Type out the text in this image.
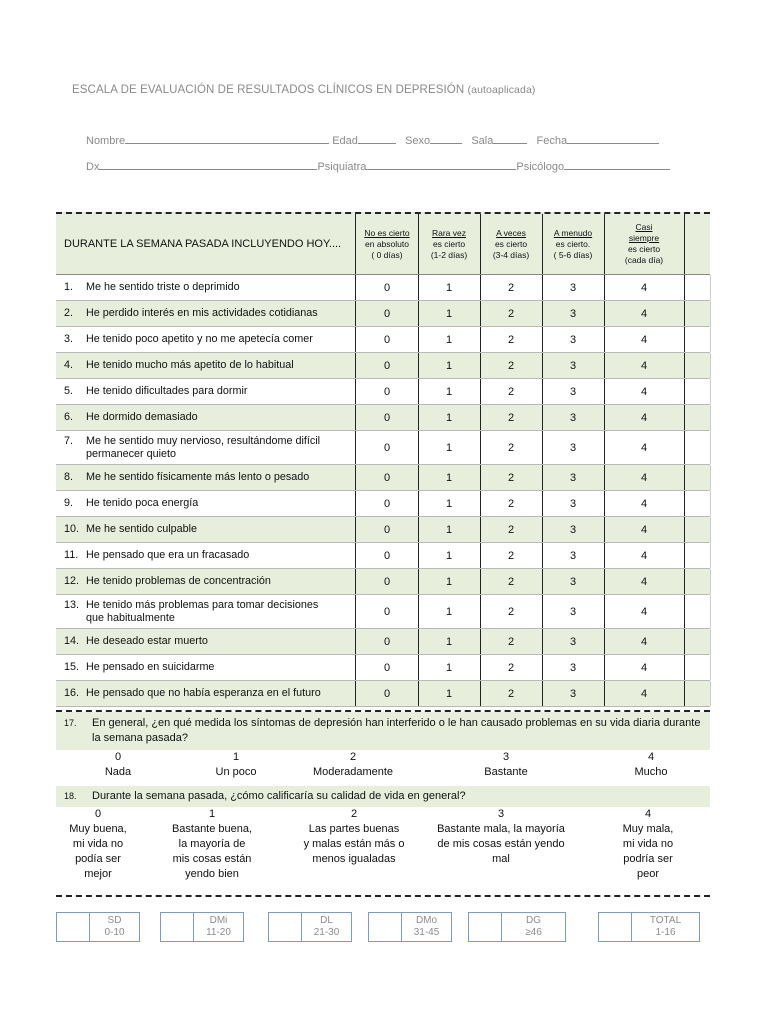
ESCALA DE EVALUACIÓN DE RESULTADOS CLÍNICOS EN DEPRESIÓN (autoaplicada)
Nombre	Edad	Sexo	Sala	Fecha
Dx	Psiquiatra	Psicólogo
DURANTE LA SEMANA PASADA INCLUYENDO HOY....
No es cierto
en absoluto
( 0 días)
Rara vez
es cierto
(1-2 días)
A veces
es cierto
(3-4 días)
A menudo
es cierto.
( 5-6 días)
Casi
siempre
es cierto
(cada día)
1.	Me he sentido triste o deprimido	0	1	2	3	4
2.	He perdido interés en mis actividades cotidianas	0	1	2	3	4
3.	He tenido poco apetito y no me apetecía comer	0	1	2	3	4
4.	He tenido mucho más apetito de lo habitual	0	1	2	3	4
5.	He tenido dificultades para dormir	0	1	2	3	4
6.	He dormido demasiado	0	1	2	3	4
7.	Me he sentido muy nervioso, resultándome difícil
permanecer quieto	0	1	2	3	4
8.	Me he sentido físicamente más lento o pesado	0	1	2	3	4
9.	He tenido poca energía	0	1	2	3	4
10. Me he sentido culpable	0	1	2	3	4
11. He pensado que era un fracasado	0	1	2	3	4
12. He tenido problemas de concentración	0	1	2	3	4
13. He tenido más problemas para tomar decisiones
que habitualmente	0	1	2	3	4
14. He deseado estar muerto	0	1	2	3	4
15. He pensado en suicidarme	0	1	2	3	4
16. He pensado que no había esperanza en el futuro	0	1	2	3	4
17.	En general, ¿en qué medida los síntomas de depresión han interferido o le han causado problemas en su vida diaria durante la semana pasada?
0
Nada
1
Un poco
2
Moderadamente
3
Bastante
4
Mucho
18.	Durante la semana pasada, ¿cómo calificaría su calidad de vida en general?
0
Muy buena,
mi vida no
podía ser
mejor
1
Bastante buena,
la mayoría de
mis cosas están
yendo bien
2
Las partes buenas
y malas están más o
menos igualadas
3
Bastante mala, la mayoría
de mis cosas están yendo
mal
4
Muy mala,
mi vida no
podría ser
peor
SD
0-10
DMi
11-20
DL
21-30
DMo
31-45
DG
≥46
TOTAL
1-16
